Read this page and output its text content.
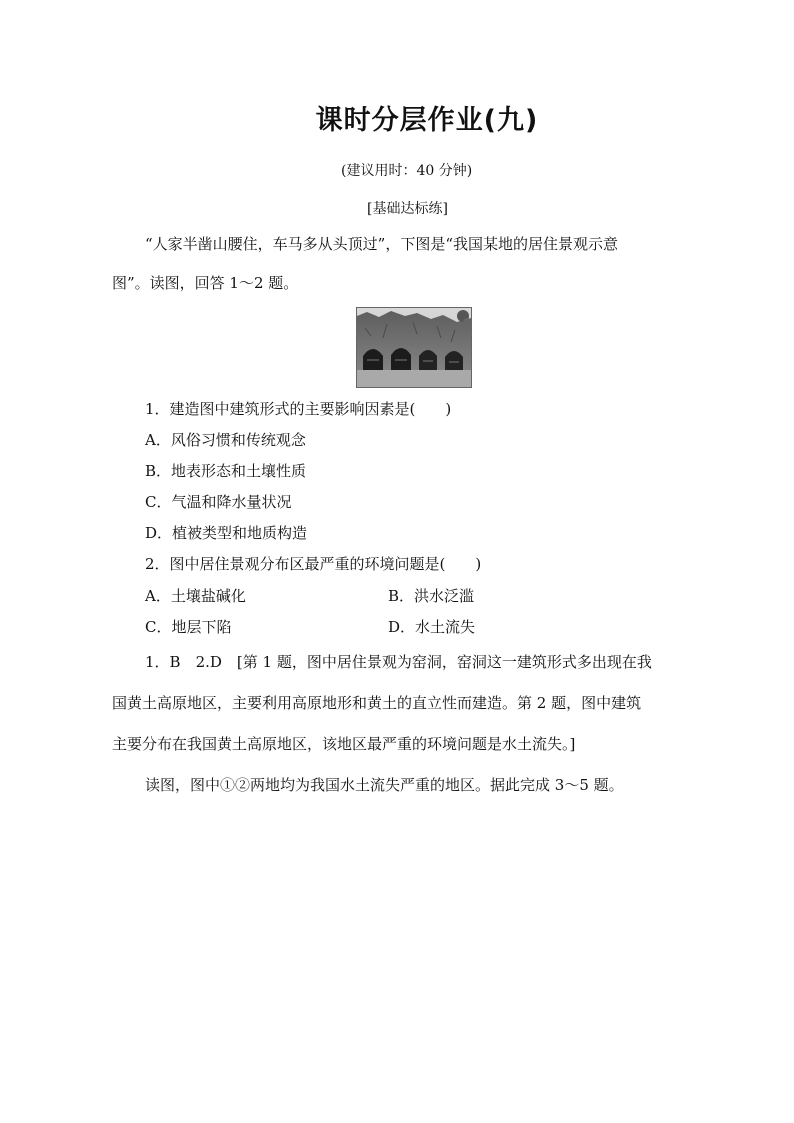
课时分层作业(九)
(建议用时：40 分钟)
[基础达标练]
“人家半凿山腰住，车马多从头顶过”，下图是“我国某地的居住景观示意
图”。读图，回答 1～2 题。
1．建造图中建筑形式的主要影响因素是(　　)
A．风俗习惯和传统观念
B．地表形态和土壤性质
C．气温和降水量状况
D．植被类型和地质构造
2．图中居住景观分布区最严重的环境问题是(　　)
A．土壤盐碱化	B．洪水泛滥
C．地层下陷	D．水土流失
1．B　2.D　[第 1 题，图中居住景观为窑洞，窑洞这一建筑形式多出现在我
国黄土高原地区，主要利用高原地形和黄土的直立性而建造。第 2 题，图中建筑
主要分布在我国黄土高原地区，该地区最严重的环境问题是水土流失。]
读图，图中①②两地均为我国水土流失严重的地区。据此完成 3～5 题。
